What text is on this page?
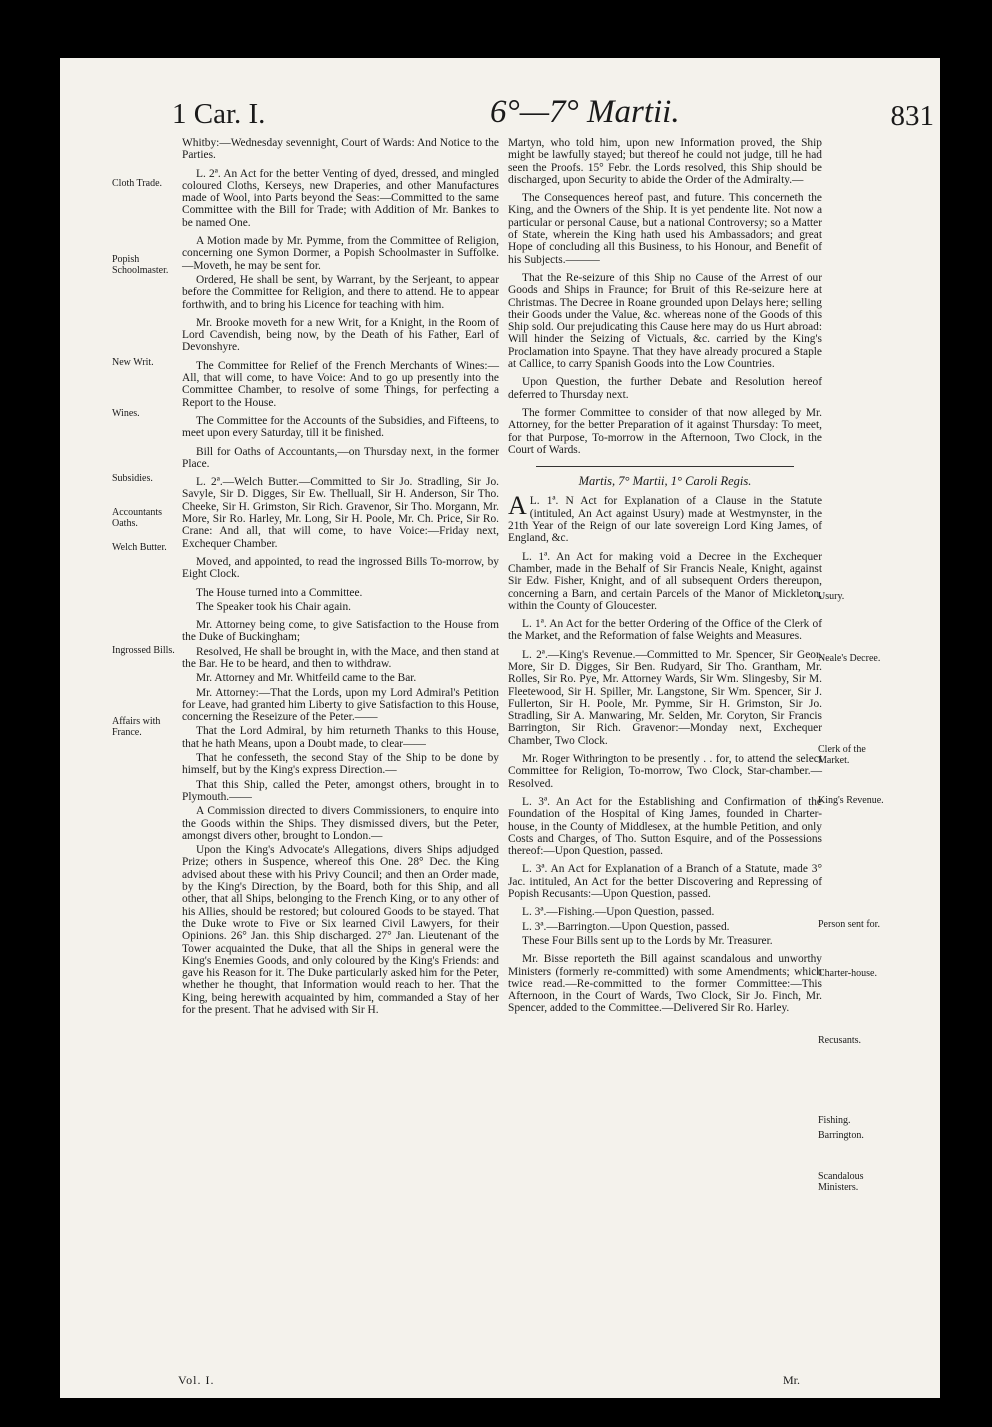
1 Car. I.	6°—7° Martii.	831
Cloth Trade.
Popish Schoolmaster.
New Writ.
Wines.
Subsidies.
Accountants Oaths.
Welch Butter.
Ingrossed Bills.
Affairs with France.
Usury.
Neale's Decree.
Clerk of the Market.
King's Revenue.
Person sent for.
Charter-house.
Recusants.
Fishing.
Barrington.
Scandalous Ministers.

Whitby:—Wednesday sevennight, Court of Wards: And Notice to the Parties.

L. 2ª. An Act for the better Venting of dyed, dressed, and mingled coloured Cloths, Kerseys, new Draperies, and other Manufactures made of Wool, into Parts beyond the Seas:—Committed to the same Committee with the Bill for Trade; with Addition of Mr. Bankes to be named One.

A Motion made by Mr. Pymme, from the Committee of Religion, concerning one Symon Dormer, a Popish Schoolmaster in Suffolke.—Moveth, he may be sent for.

Ordered, He shall be sent, by Warrant, by the Serjeant, to appear before the Committee for Religion, and there to attend. He to appear forthwith, and to bring his Licence for teaching with him.

Mr. Brooke moveth for a new Writ, for a Knight, in the Room of Lord Cavendish, being now, by the Death of his Father, Earl of Devonshyre.

The Committee for Relief of the French Merchants of Wines:—All, that will come, to have Voice: And to go up presently into the Committee Chamber, to resolve of some Things, for perfecting a Report to the House.

The Committee for the Accounts of the Subsidies, and Fifteens, to meet upon every Saturday, till it be finished.

Bill for Oaths of Accountants,—on Thursday next, in the former Place.

L. 2ª.—Welch Butter.—Committed to Sir Jo. Stradling, Sir Jo. Savyle, Sir D. Digges, Sir Ew. Thelluall, Sir H. Anderson, Sir Tho. Cheeke, Sir H. Grimston, Sir Rich. Gravenor, Sir Tho. Morgann, Mr. More, Sir Ro. Harley, Mr. Long, Sir H. Poole, Mr. Ch. Price, Sir Ro. Crane: And all, that will come, to have Voice:—Friday next, Exchequer Chamber.

Moved, and appointed, to read the ingrossed Bills To-morrow, by Eight Clock.

The House turned into a Committee.

The Speaker took his Chair again.

Mr. Attorney being come, to give Satisfaction to the House from the Duke of Buckingham;

Resolved, He shall be brought in, with the Mace, and then stand at the Bar. He to be heard, and then to withdraw.

Mr. Attorney and Mr. Whitfeild came to the Bar.

Mr. Attorney:—That the Lords, upon my Lord Admiral's Petition for Leave, had granted him Liberty to give Satisfaction to this House, concerning the Reseizure of the Peter.——

That the Lord Admiral, by him returneth Thanks to this House, that he hath Means, upon a Doubt made, to clear——

That he confesseth, the second Stay of the Ship to be done by himself, but by the King's express Direction.—

That this Ship, called the Peter, amongst others, brought in to Plymouth.——

A Commission directed to divers Commissioners, to enquire into the Goods within the Ships. They dismissed divers, but the Peter, amongst divers other, brought to London.—

Upon the King's Advocate's Allegations, divers Ships adjudged Prize; others in Suspence, whereof this One. 28° Dec. the King advised about these with his Privy Council; and then an Order made, by the King's Direction, by the Board, both for this Ship, and all other, that all Ships, belonging to the French King, or to any other of his Allies, should be restored; but coloured Goods to be stayed. That the Duke wrote to Five or Six learned Civil Lawyers, for their Opinions. 26° Jan. this Ship discharged. 27° Jan. Lieutenant of the Tower acquainted the Duke, that all the Ships in general were the King's Enemies Goods, and only coloured by the King's Friends: and gave his Reason for it. The Duke particularly asked him for the Peter, whether he thought, that Information would reach to her. That the King, being herewith acquainted by him, commanded a Stay of her for the present. That he advised with Sir H.

Martyn, who told him, upon new Information proved, the Ship might be lawfully stayed; but thereof he could not judge, till he had seen the Proofs. 15° Febr. the Lords resolved, this Ship should be discharged, upon Security to abide the Order of the Admiralty.—

The Consequences hereof past, and future. This concerneth the King, and the Owners of the Ship. It is yet pendente lite. Not now a particular or personal Cause, but a national Controversy; so a Matter of State, wherein the King hath used his Ambassadors; and great Hope of concluding all this Business, to his Honour, and Benefit of his Subjects.———

That the Re-seizure of this Ship no Cause of the Arrest of our Goods and Ships in Fraunce; for Bruit of this Re-seizure here at Christmas. The Decree in Roane grounded upon Delays here; selling their Goods under the Value, &c. whereas none of the Goods of this Ship sold. Our prejudicating this Cause here may do us Hurt abroad: Will hinder the Seizing of Victuals, &c. carried by the King's Proclamation into Spayne. That they have already procured a Staple at Callice, to carry Spanish Goods into the Low Countries.

Upon Question, the further Debate and Resolution hereof deferred to Thursday next.

The former Committee to consider of that now alleged by Mr. Attorney, for the better Preparation of it against Thursday: To meet, for that Purpose, To-morrow in the Afternoon, Two Clock, in the Court of Wards.

Martis, 7° Martii, 1° Caroli Regis.

A L. 1ª. N Act for Explanation of a Clause in the Statute (intituled, An Act against Usury) made at Westmynster, in the 21th Year of the Reign of our late sovereign Lord King James, of England, &c.

L. 1ª. An Act for making void a Decree in the Exchequer Chamber, made in the Behalf of Sir Francis Neale, Knight, against Sir Edw. Fisher, Knight, and of all subsequent Orders thereupon, concerning a Barn, and certain Parcels of the Manor of Mickleton, within the County of Gloucester.

L. 1ª. An Act for the better Ordering of the Office of the Clerk of the Market, and the Reformation of false Weights and Measures.

L. 2ª.—King's Revenue.—Committed to Mr. Spencer, Sir Geor. More, Sir D. Digges, Sir Ben. Rudyard, Sir Tho. Grantham, Mr. Rolles, Sir Ro. Pye, Mr. Attorney Wards, Sir Wm. Slingesby, Sir M. Fleetewood, Sir H. Spiller, Mr. Langstone, Sir Wm. Spencer, Sir J. Fullerton, Sir H. Poole, Mr. Pymme, Sir H. Grimston, Sir Jo. Stradling, Sir A. Manwaring, Mr. Selden, Mr. Coryton, Sir Francis Barrington, Sir Rich. Gravenor:—Monday next, Exchequer Chamber, Two Clock.

Mr. Roger Withrington to be presently . . for, to attend the select Committee for Religion, To-morrow, Two Clock, Star-chamber.—Resolved.

L. 3ª. An Act for the Establishing and Confirmation of the Foundation of the Hospital of King James, founded in Charter-house, in the County of Middlesex, at the humble Petition, and only Costs and Charges, of Tho. Sutton Esquire, and of the Possessions thereof:—Upon Question, passed.

L. 3ª. An Act for Explanation of a Branch of a Statute, made 3° Jac. intituled, An Act for the better Discovering and Repressing of Popish Recusants:—Upon Question, passed.

L. 3ª.—Fishing.—Upon Question, passed.

L. 3ª.—Barrington.—Upon Question, passed.

These Four Bills sent up to the Lords by Mr. Treasurer.

Mr. Bisse reporteth the Bill against scandalous and unworthy Ministers (formerly re-committed) with some Amendments; which twice read.—Re-committed to the former Committee:—This Afternoon, in the Court of Wards, Two Clock, Sir Jo. Finch, Mr. Spencer, added to the Committee.—Delivered Sir Ro. Harley.

Vol. I.	Mr.
